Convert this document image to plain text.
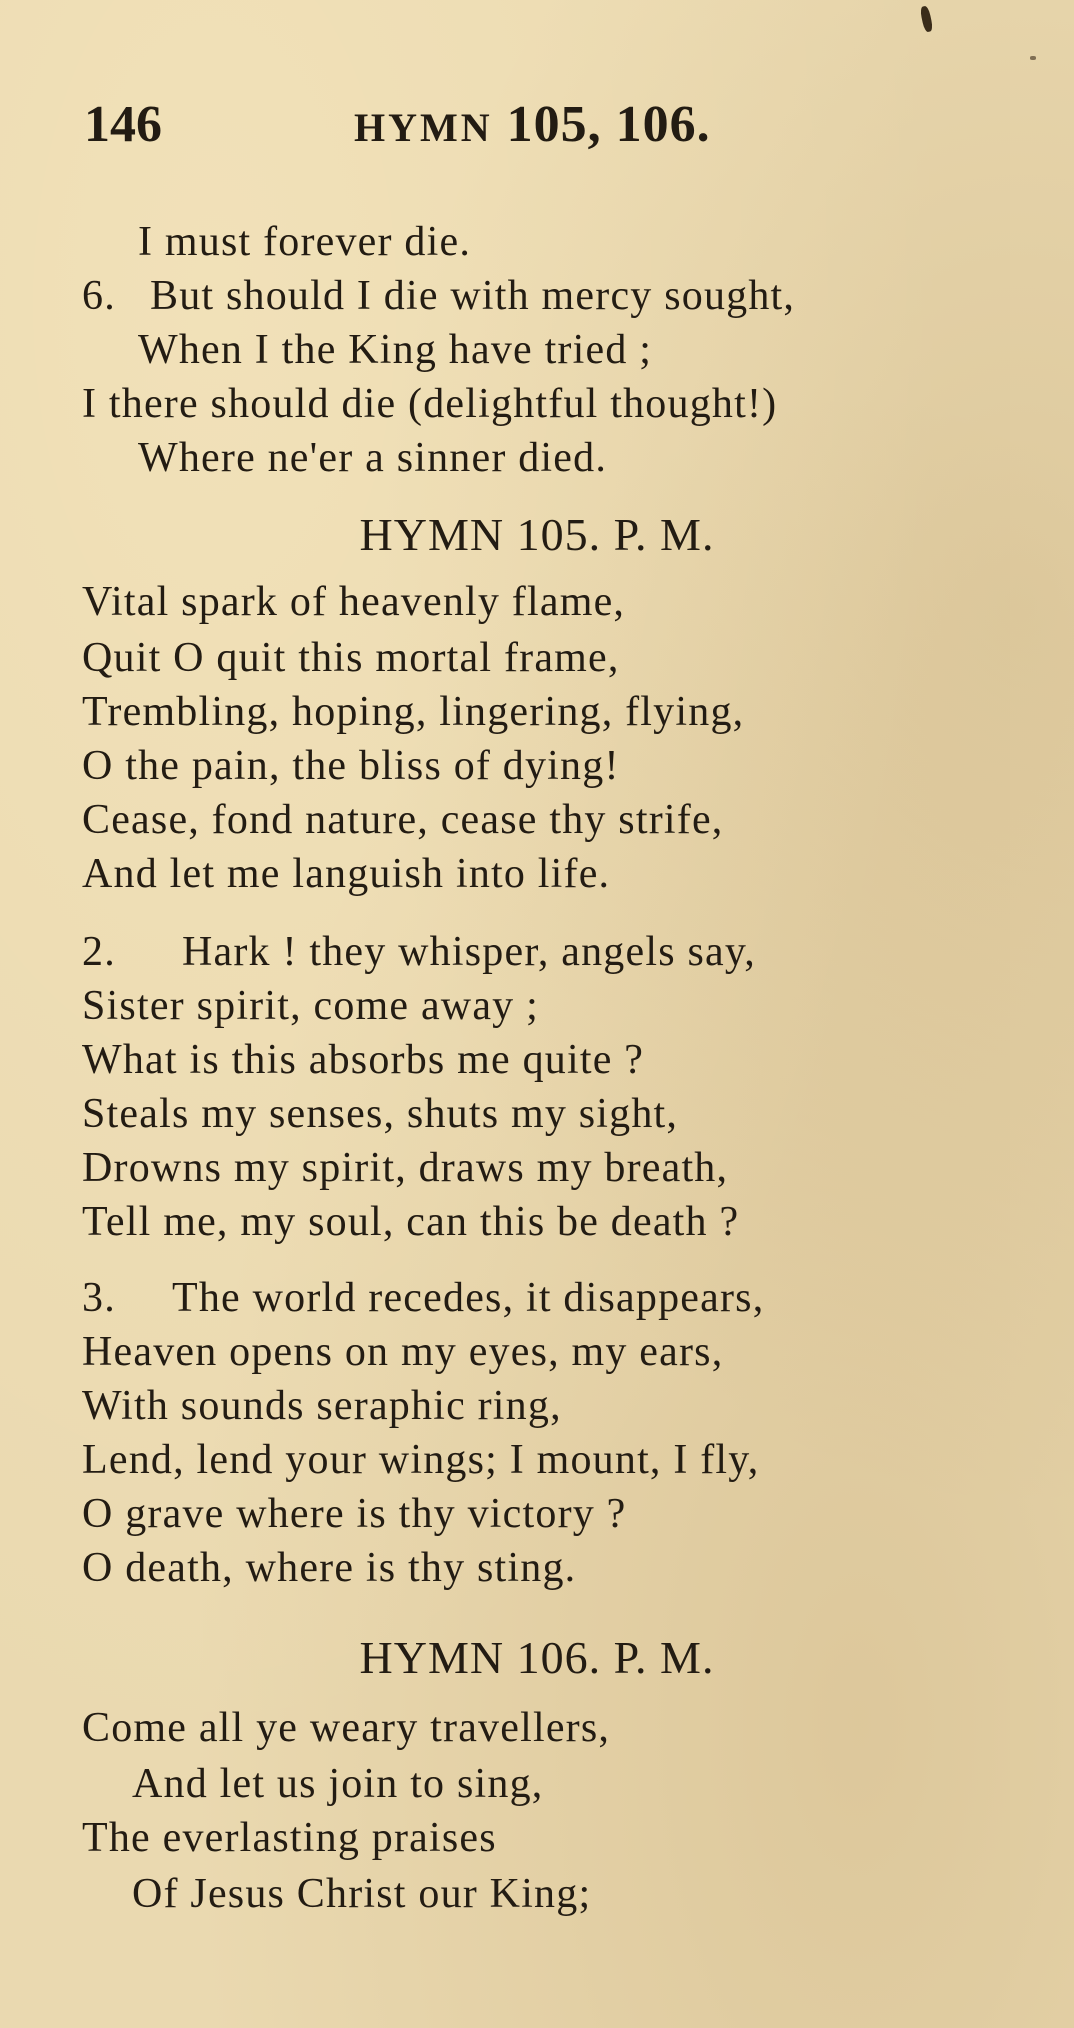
146	HYMN 105, 106.
I must forever die.
6. But should I die with mercy sought,
When I the King have tried ;
I there should die (delightful thought!)
Where ne'er a sinner died.
HYMN 105. P. M.
Vital spark of heavenly flame,
Quit O quit this mortal frame,
Trembling, hoping, lingering, flying,
O the pain, the bliss of dying!
Cease, fond nature, cease thy strife,
And let me languish into life.
2. Hark ! they whisper, angels say,
Sister spirit, come away ;
What is this absorbs me quite ?
Steals my senses, shuts my sight,
Drowns my spirit, draws my breath,
Tell me, my soul, can this be death ?
3. The world recedes, it disappears,
Heaven opens on my eyes, my ears,
With sounds seraphic ring,
Lend, lend your wings; I mount, I fly,
O grave where is thy victory ?
O death, where is thy sting.
HYMN 106. P. M.
Come all ye weary travellers,
And let us join to sing,
The everlasting praises
Of Jesus Christ our King;
